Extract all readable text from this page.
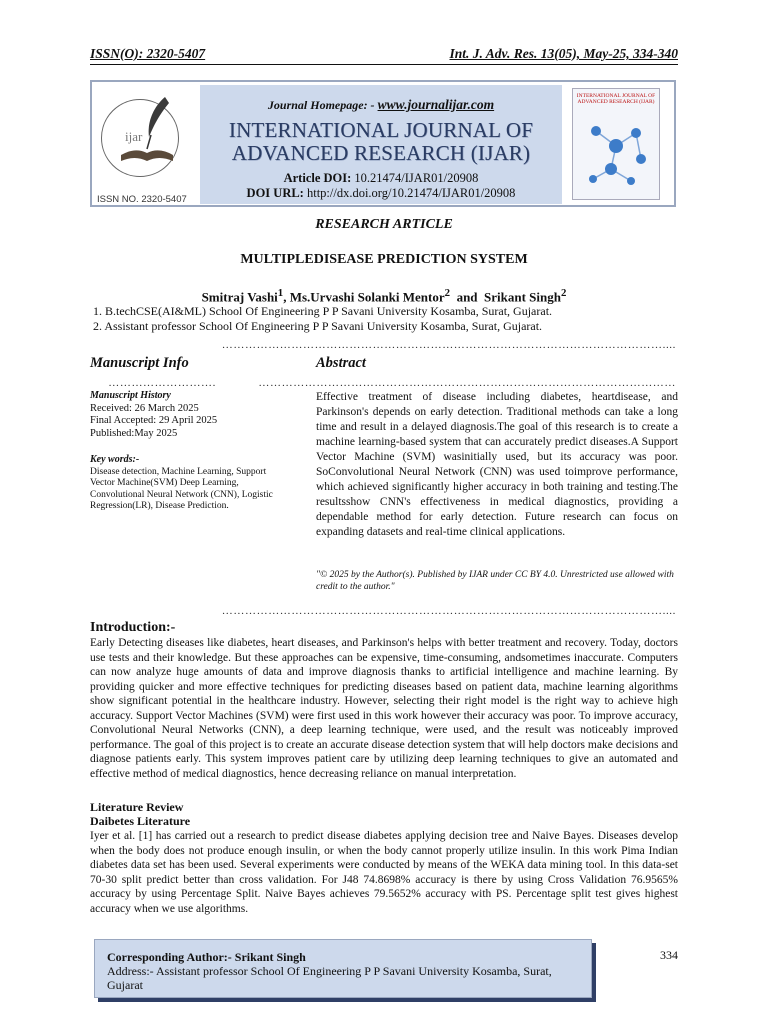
ISSN(O): 2320-5407	Int. J. Adv. Res. 13(05), May-25, 334-340
ijar
ISSN NO. 2320-5407
Journal Homepage: - www.journalijar.com
INTERNATIONAL JOURNAL OF
ADVANCED RESEARCH (IJAR)
Article DOI: 10.21474/IJAR01/20908
DOI URL: http://dx.doi.org/10.21474/IJAR01/20908
INTERNATIONAL JOURNAL OF ADVANCED RESEARCH (IJAR)
RESEARCH ARTICLE
MULTIPLEDISEASE PREDICTION SYSTEM
Smitraj Vashi$^1$, Ms.Urvashi Solanki Mentor$^2$  and  Srikant Singh$^2$
1. B.techCSE(AI&ML) School Of Engineering P P Savani University Kosamba, Surat, Gujarat.
2. Assistant professor School Of Engineering P P Savani University Kosamba, Surat, Gujarat.
……………………………………………………………………………………………………....
Manuscript Info	Abstract
……………………….	………………………………………………………………………………………………
Manuscript History
Received: 26 March 2025
Final Accepted: 29 April 2025
Published:May 2025
Key words:-
Disease detection, Machine Learning, Support Vector Machine(SVM) Deep Learning, Convolutional Neural Network (CNN), Logistic Regression(LR), Disease Prediction.
Effective treatment of disease including diabetes, heartdisease, and Parkinson's depends on early detection. Traditional methods can take a long time and result in a delayed diagnosis.The goal of this research is to create a machine learning-based system that can accurately predict diseases.A Support Vector Machine (SVM) wasinitially used, but its accuracy was poor. SoConvolutional Neural Network (CNN) was used toimprove performance, which achieved significantly higher accuracy in both training and testing.The resultsshow CNN's effectiveness in medical diagnostics, providing a dependable method for early detection. Future research can focus on expanding datasets and real-time clinical applications.
"© 2025 by the Author(s). Published by IJAR under CC BY 4.0. Unrestricted use allowed with credit to the author."
……………………………………………………………………………………………………....
Introduction:-
Early Detecting diseases like diabetes, heart diseases, and Parkinson's helps with better treatment and recovery. Today, doctors use tests and their knowledge. But these approaches can be expensive, time-consuming, andsometimes inaccurate. Computers can now analyze huge amounts of data and improve diagnosis thanks to artificial intelligence and machine learning. By providing quicker and more effective techniques for predicting diseases based on patient data, machine learning algorithms show significant potential in the healthcare industry. However, selecting their right model is the right way to achieve high accuracy. Support Vector Machines (SVM) were first used in this work however their accuracy was poor. To improve accuracy, Convolutional Neural Networks (CNN), a deep learning technique, were used, and the result was noticeably improved performance. The goal of this project is to create an accurate disease detection system that will help doctors make decisions and diagnose patients early. This system improves patient care by utilizing deep learning techniques to give an automated and effective method of medical diagnostics, hence decreasing reliance on manual interpretation.
Literature Review
Daibetes Literature
Iyer et al. [1] has carried out a research to predict disease diabetes applying decision tree and Naive Bayes. Diseases develop when the body does not produce enough insulin, or when the body cannot properly utilize insulin. In this work Pima Indian diabetes data set has been used. Several experiments were conducted by means of the WEKA data mining tool. In this data-set 70-30 split predict better than cross validation. For J48 74.8698% accuracy is there by using Cross Validation 76.9565% accuracy by using Percentage Split. Naive Bayes achieves 79.5652% accuracy with PS. Percentage split test gives highest accuracy when we use algorithms.
Corresponding Author:- Srikant Singh
Address:- Assistant professor School Of Engineering P P Savani University Kosamba, Surat, Gujarat
334
